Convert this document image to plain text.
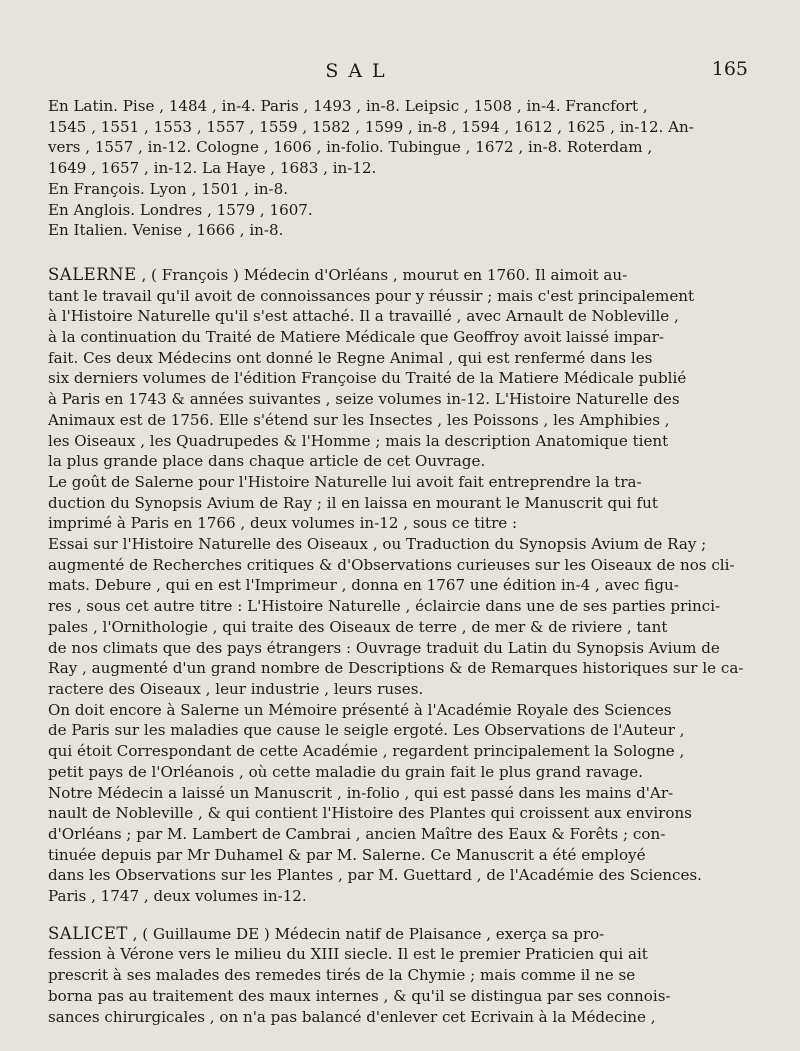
SAL	165

En Latin. Pise , 1484 , in-4. Paris , 1493 , in-8. Leipsic , 1508 , in-4. Francfort ,

1545 , 1551 , 1553 , 1557 , 1559 , 1582 , 1599 , in-8 , 1594 , 1612 , 1625 , in-12. An-

vers , 1557 , in-12. Cologne , 1606 , in-folio. Tubingue , 1672 , in-8. Roterdam ,

1649 , 1657 , in-12. La Haye , 1683 , in-12.

En François. Lyon , 1501 , in-8.

En Anglois. Londres , 1579 , 1607.

En Italien. Venise , 1666 , in-8.

SALERNE , ( François ) Médecin d'Orléans , mourut en 1760. Il aimoit au-
tant le travail qu'il avoit de connoissances pour y réussir ; mais c'est principalement
à l'Histoire Naturelle qu'il s'est attaché. Il a travaillé , avec Arnault de Nobleville ,
à la continuation du Traité de Matiere Médicale que Geoffroy avoit laissé impar-
fait. Ces deux Médecins ont donné le Regne Animal , qui est renfermé dans les
six derniers volumes de l'édition Françoise du Traité de la Matiere Médicale publié
à Paris en 1743 & années suivantes , seize volumes in-12. L'Histoire Naturelle des
Animaux est de 1756. Elle s'étend sur les Insectes , les Poissons , les Amphibies ,
les Oiseaux , les Quadrupedes & l'Homme ; mais la description Anatomique tient
la plus grande place dans chaque article de cet Ouvrage.
Le goût de Salerne pour l'Histoire Naturelle lui avoit fait entreprendre la tra-
duction du Synopsis Avium de Ray ; il en laissa en mourant le Manuscrit qui fut
imprimé à Paris en 1766 , deux volumes in-12 , sous ce titre :
Essai sur l'Histoire Naturelle des Oiseaux , ou Traduction du Synopsis Avium de Ray ;
augmenté de Recherches critiques & d'Observations curieuses sur les Oiseaux de nos cli-
mats. Debure , qui en est l'Imprimeur , donna en 1767 une édition in-4 , avec figu-
res , sous cet autre titre : L'Histoire Naturelle , éclaircie dans une de ses parties princi-
pales , l'Ornithologie , qui traite des Oiseaux de terre , de mer & de riviere , tant
de nos climats que des pays étrangers : Ouvrage traduit du Latin du Synopsis Avium de
Ray , augmenté d'un grand nombre de Descriptions & de Remarques historiques sur le ca-
ractere des Oiseaux , leur industrie , leurs ruses.
On doit encore à Salerne un Mémoire présenté à l'Académie Royale des Sciences
de Paris sur les maladies que cause le seigle ergoté. Les Observations de l'Auteur ,
qui étoit Correspondant de cette Académie , regardent principalement la Sologne ,
petit pays de l'Orléanois , où cette maladie du grain fait le plus grand ravage.
Notre Médecin a laissé un Manuscrit , in-folio , qui est passé dans les mains d'Ar-
nault de Nobleville , & qui contient l'Histoire des Plantes qui croissent aux environs
d'Orléans ; par M. Lambert de Cambrai , ancien Maître des Eaux & Forêts ; con-
tinuée depuis par Mr Duhamel & par M. Salerne. Ce Manuscrit a été employé
dans les Observations sur les Plantes , par M. Guettard , de l'Académie des Sciences.
Paris , 1747 , deux volumes in-12.
SALICET , ( Guillaume DE ) Médecin natif de Plaisance , exerça sa pro-
fession à Vérone vers le milieu du XIII siecle. Il est le premier Praticien qui ait
prescrit à ses malades des remedes tirés de la Chymie ; mais comme il ne se
borna pas au traitement des maux internes , & qu'il se distingua par ses connois-
sances chirurgicales , on n'a pas balancé d'enlever cet Ecrivain à la Médecine ,
